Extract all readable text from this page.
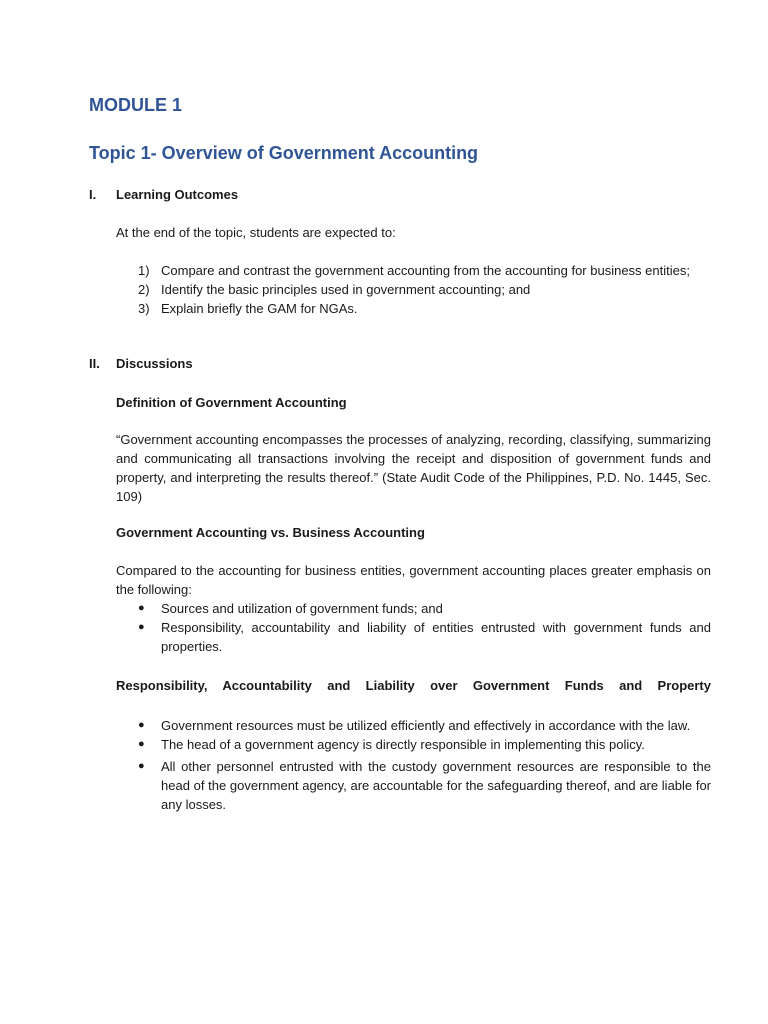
MODULE 1
Topic 1- Overview of Government Accounting
I.	Learning Outcomes

At the end of the topic, students are expected to:

1) Compare and contrast the government accounting from the accounting for business entities;
2) Identify the basic principles used in government accounting; and
3) Explain briefly the GAM for NGAs.
II.	Discussions

Definition of Government Accounting

“Government accounting encompasses the processes of analyzing, recording, classifying, summarizing and communicating all transactions involving the receipt and disposition of government funds and property, and interpreting the results thereof.” (State Audit Code of the Philippines, P.D. No. 1445, Sec. 109)

Government Accounting vs. Business Accounting

Compared to the accounting for business entities, government accounting places greater emphasis on the following:

●	Sources and utilization of government funds; and
●	Responsibility, accountability and liability of entities entrusted with government funds and properties.

Responsibility, Accountability and Liability over Government Funds and Property

●	Government resources must be utilized efficiently and effectively in accordance with the law.
●	The head of a government agency is directly responsible in implementing this policy.
●	All other personnel entrusted with the custody government resources are responsible to the head of the government agency, are accountable for the safeguarding thereof, and are liable for any losses.
